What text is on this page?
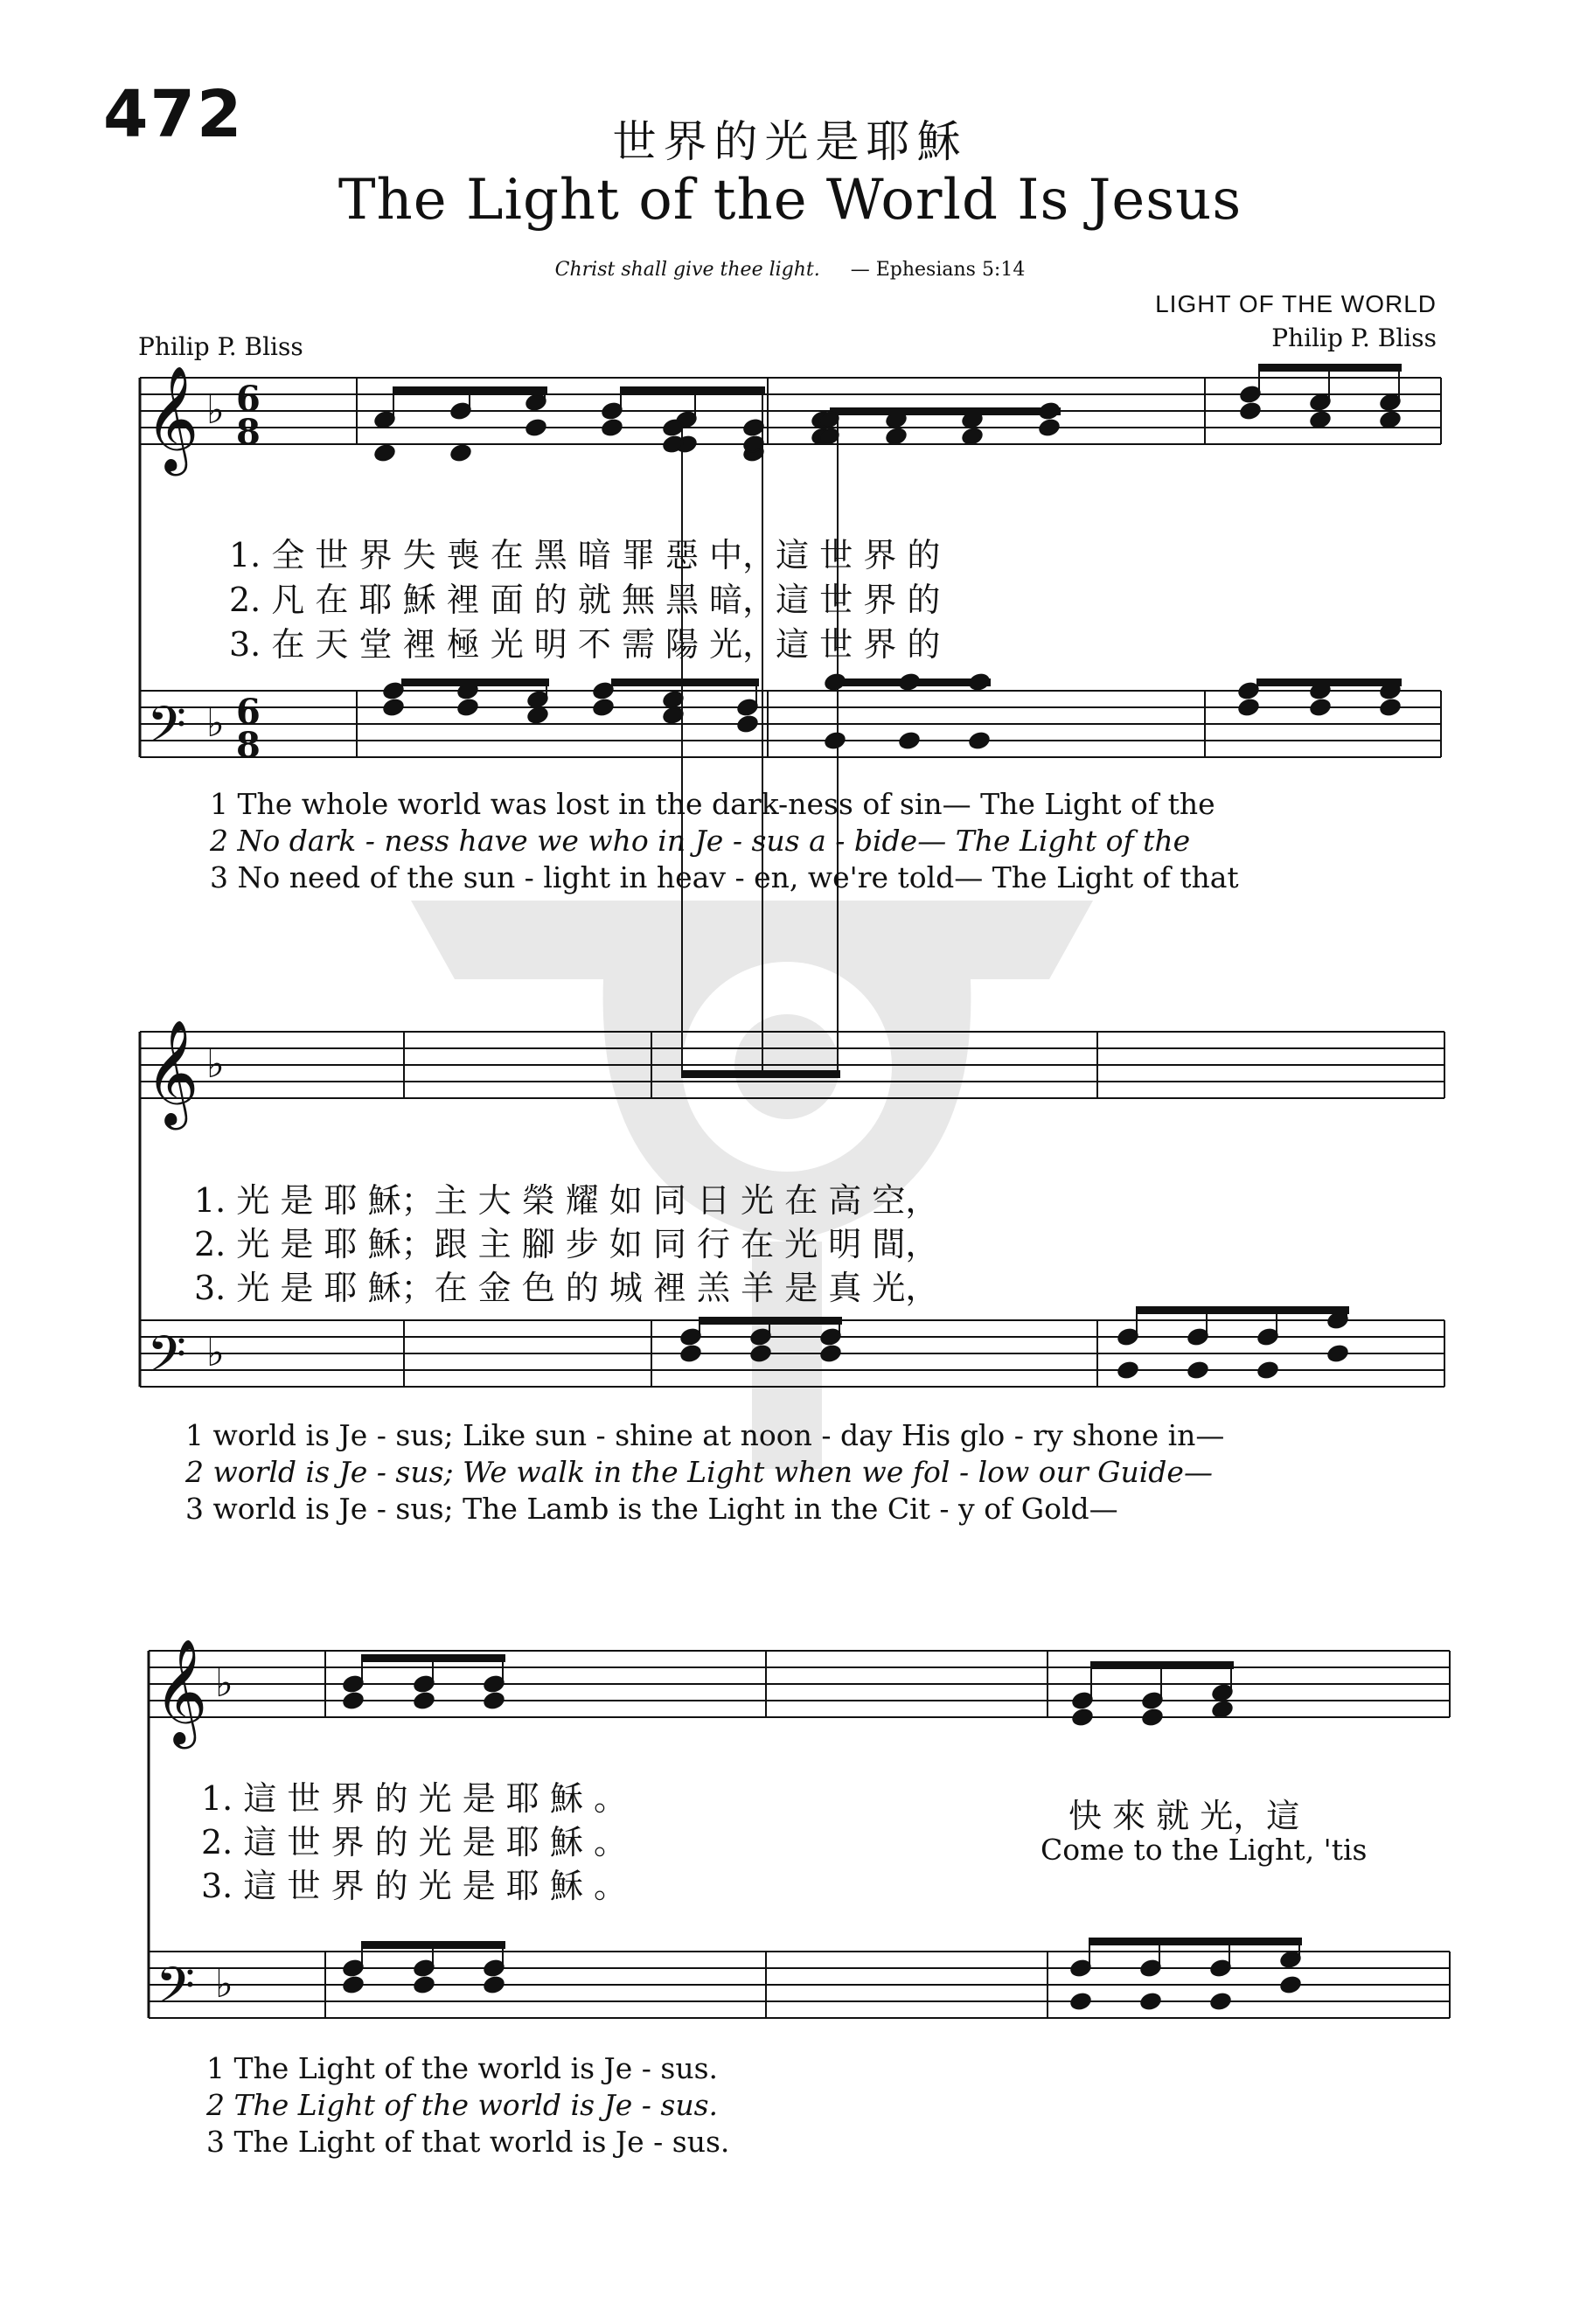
472	世界的光是耶穌
The Light of the World Is Jesus
Christ shall give thee light. — Ephesians 5:14
LIGHT OF THE WORLD
Philip P. Bliss
Philip P. Bliss
𝄞
𝄢
♭
♭
6
8
6
8
𝄞
𝄢
♭
♭
𝄞
𝄢
♭
♭
1. 全 世 界 失 喪 在 黑 暗 罪 惡 中，這 世 界 的
2. 凡 在 耶 穌 裡 面 的 就 無 黑 暗，這 世 界 的
3. 在 天 堂 裡 極 光 明 不 需 陽 光，這 世 界 的
1 The whole world was lost in the dark-ness of sin— The Light of the
2 No dark - ness have we who in Je - sus a - bide— The Light of the
3 No need of the sun - light in heav - en, we're told— The Light of that
1. 光 是 耶 穌；主 大 榮 耀 如 同 日 光 在 高 空，
2. 光 是 耶 穌；跟 主 腳 步 如 同 行 在 光 明 間，
3. 光 是 耶 穌；在 金 色 的 城 裡 羔 羊 是 真 光，
1 world is Je - sus; Like sun - shine at noon - day His glo - ry shone in—
2 world is Je - sus; We walk in the Light when we fol - low our Guide—
3 world is Je - sus; The Lamb is the Light in the Cit - y of Gold—
1. 這 世 界 的 光 是 耶 穌 。
2. 這 世 界 的 光 是 耶 穌 。
3. 這 世 界 的 光 是 耶 穌 。
快 來 就 光，這
Come to the Light, 'tis
1 The Light of the world is Je - sus.
2 The Light of the world is Je - sus.
3 The Light of that world is Je - sus.
